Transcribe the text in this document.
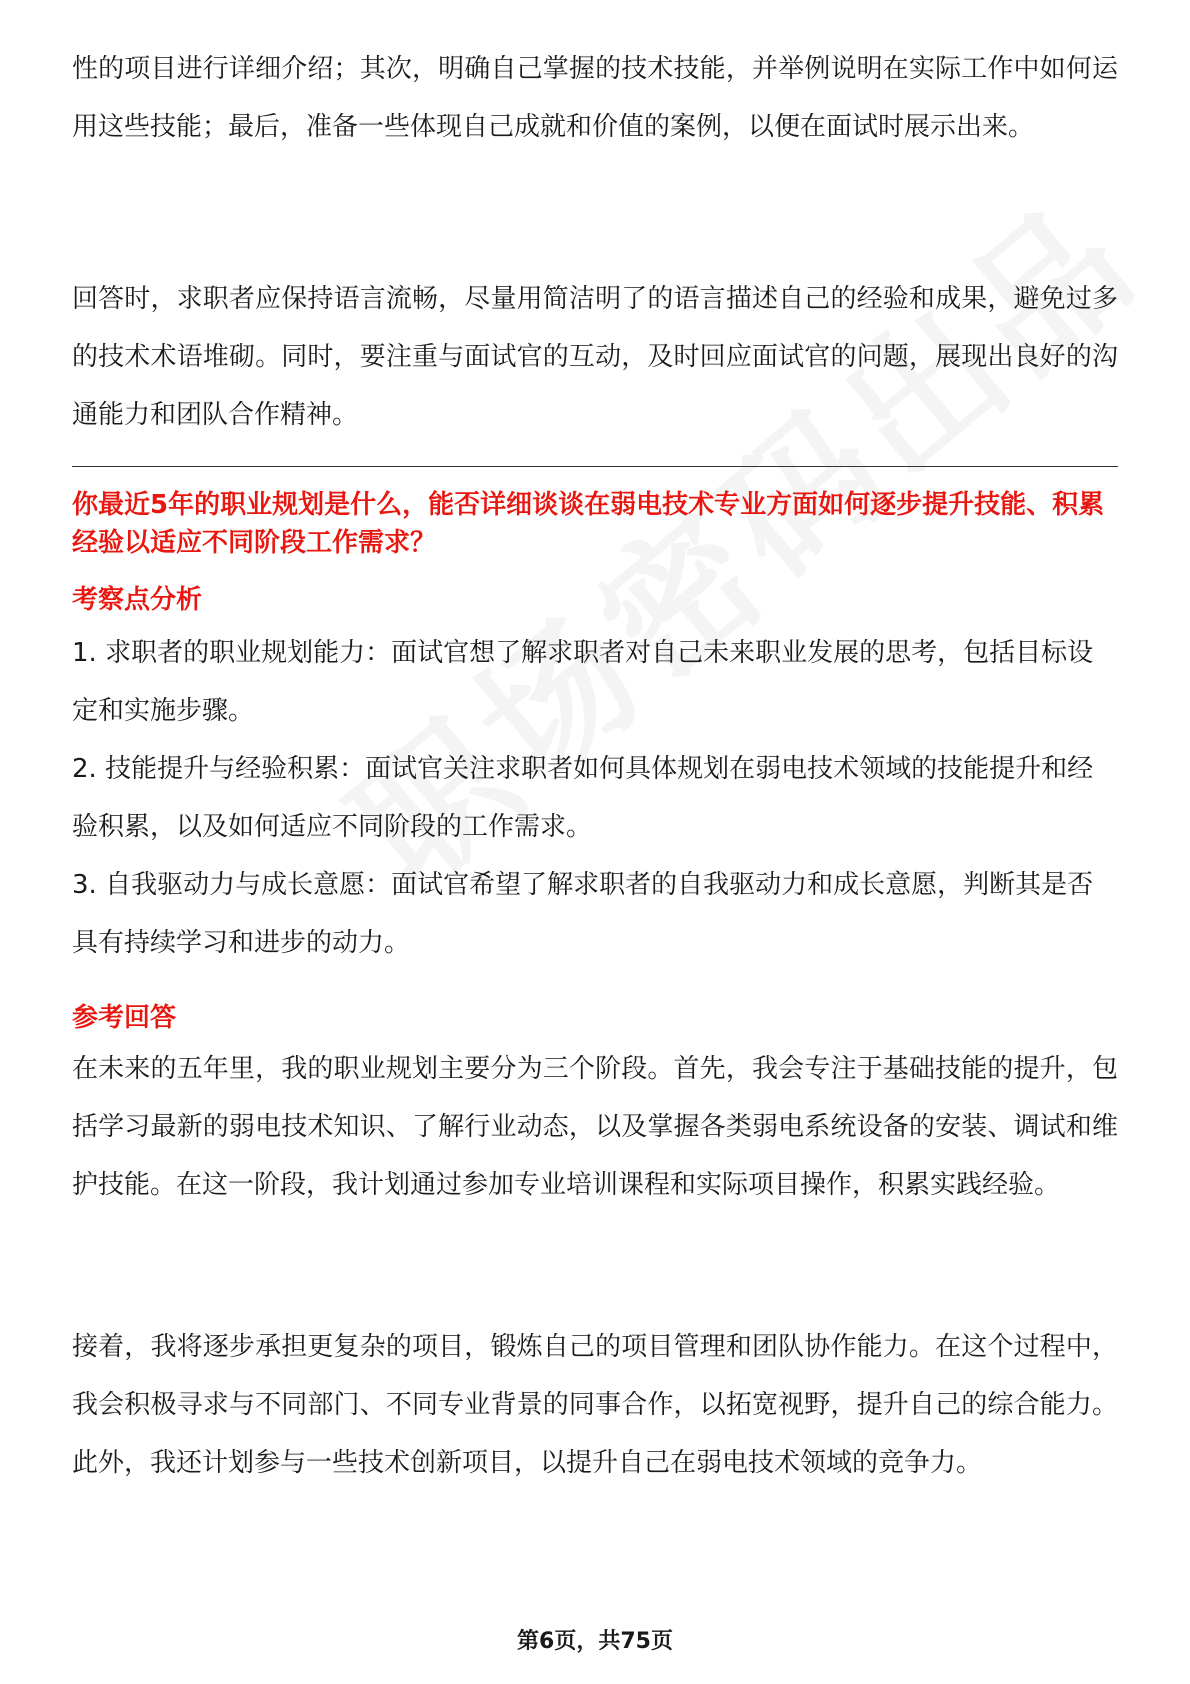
性的项目进行详细介绍；其次，明确自己掌握的技术技能，并举例说明在实际工作中如何运用这些技能；最后，准备一些体现自己成就和价值的案例，以便在面试时展示出来。

回答时，求职者应保持语言流畅，尽量用简洁明了的语言描述自己的经验和成果，避免过多的技术术语堆砌。同时，要注重与面试官的互动，及时回应面试官的问题，展现出良好的沟通能力和团队合作精神。

你最近5年的职业规划是什么，能否详细谈谈在弱电技术专业方面如何逐步提升技能、积累经验以适应不同阶段工作需求？

考察点分析

1. 求职者的职业规划能力：面试官想了解求职者对自己未来职业发展的思考，包括目标设定和实施步骤。
2. 技能提升与经验积累：面试官关注求职者如何具体规划在弱电技术领域的技能提升和经验积累，以及如何适应不同阶段的工作需求。
3. 自我驱动力与成长意愿：面试官希望了解求职者的自我驱动力和成长意愿，判断其是否具有持续学习和进步的动力。

参考回答

在未来的五年里，我的职业规划主要分为三个阶段。首先，我会专注于基础技能的提升，包括学习最新的弱电技术知识、了解行业动态，以及掌握各类弱电系统设备的安装、调试和维护技能。在这一阶段，我计划通过参加专业培训课程和实际项目操作，积累实践经验。

接着，我将逐步承担更复杂的项目，锻炼自己的项目管理和团队协作能力。在这个过程中，我会积极寻求与不同部门、不同专业背景的同事合作，以拓宽视野，提升自己的综合能力。此外，我还计划参与一些技术创新项目，以提升自己在弱电技术领域的竞争力。

第6页，共75页
